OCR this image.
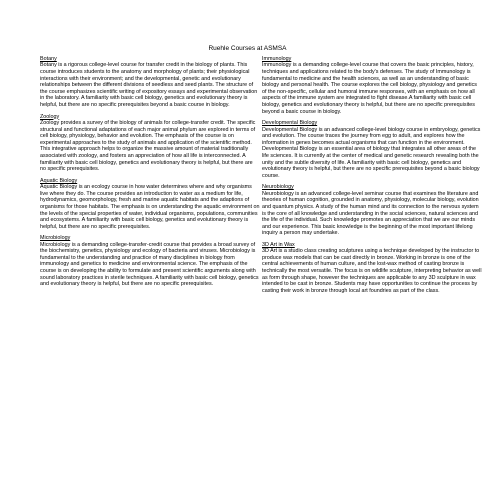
Ruehle Courses at ASMSA
Botany

Botany is a rigorous college-level course for transfer credit in the biology of plants. This course introduces students to the anatomy and morphology of plants; their physiological interactions with their environment; and the developmental, genetic and evolutionary relationships between the different divisions of seedless and seed plants. The structure of the course emphasizes scientific writing of expository essays and experimental observation in the laboratory. A familiarity with basic cell biology, genetics and evolutionary theory is helpful, but there are no specific prerequisites beyond a basic course in biology.

Zoology

Zoology provides a survey of the biology of animals for college-transfer credit. The specific structural and functional adaptations of each major animal phylum are explored in terms of cell biology, physiology, behavior and evolution. The emphasis of the course is on experimental approaches to the study of animals and application of the scientific method. This integrative approach helps to organize the massive amount of material traditionally associated with zoology, and fosters an appreciation of how all life is interconnected. A familiarity with basic cell biology, genetics and evolutionary theory is helpful, but there are no specific prerequisites.

Aquatic Biology

Aquatic Biology is an ecology course in how water determines where and why organisms live where they do. The course provides an introduction to water as a medium for life, hydrodynamics, geomorphology, fresh and marine aquatic habitats and the adaptions of organisms for those habitats. The emphasis is on understanding the aquatic environment on the levels of the special properties of water, individual organisms, populations, communities and ecosystems. A familiarity with basic cell biology, genetics and evolutionary theory is helpful, but there are no specific prerequisites.

Microbiology

Microbiology is a demanding college-transfer-credit course that provides a broad survey of the biochemistry, genetics, physiology and ecology of bacteria and viruses. Microbiology is fundamental to the understanding and practice of many disciplines in biology from immunology and genetics to medicine and environmental science. The emphasis of the course is on developing the ability to formulate and present scientific arguments along with sound laboratory practices in sterile techniques. A familiarity with basic cell biology, genetics and evolutionary theory is helpful, but there are no specific prerequisites.

Immunology

Immunology is a demanding college-level course that covers the basic principles, history, techniques and applications related to the body's defenses. The study of Immunology is fundamental to medicine and the health sciences, as well as an understanding of basic biology and personal health. The course explores the cell biology, physiology and genetics of the non-specific, cellular and humoral immune responses, with an emphasis on how all aspects of the immune system are integrated to fight disease.A familiarity with basic cell biology, genetics and evolutionary theory is helpful, but there are no specific prerequisites beyond a basic course in biology.

Developmental Biology

Developmental Biology is an advanced college-level biology course in embryology, genetics and evolution. The course traces the journey from egg to adult, and explores how the information in genes becomes actual organisms that can function in the environment. Developmental Biology is an essential area of biology that integrates all other areas of the life sciences. It is currently at the center of medical and genetic research revealing both the unity and the subtle diversity of life. A familiarity with basic cell biology, genetics and evolutionary theory is helpful, but there are no specific prerequisites beyond a basic biology course.

Neurobiology

Neurobiology is an advanced college-level seminar course that examines the literature and theories of human cognition, grounded in anatomy, physiology, molecular biology, evolution and quantum physics. A study of the human mind and its connection to the nervous system is the core of all knowledge and understanding in the social sciences, natural sciences and the life of the individual. Such knowledge promotes an appreciation that we are our minds and our experience. This basic knowledge is the beginning of the most important lifelong inquiry a person may undertake.

3D Art in Wax

3D Art is a studio class creating sculptures using a technique developed by the instructor to produce wax models that can be cast directly in bronze. Working in bronze is one of the central achievements of human culture, and the lost-wax method of casting bronze is technically the most versatile. The focus is on wildlife sculpture, interpreting behavior as well as form through shape, however the techniques are applicable to any 3D sculpture in wax intended to be cast in bronze. Students may have opportunities to continue the process by casting their work in bronze through local art foundries as part of the class.
